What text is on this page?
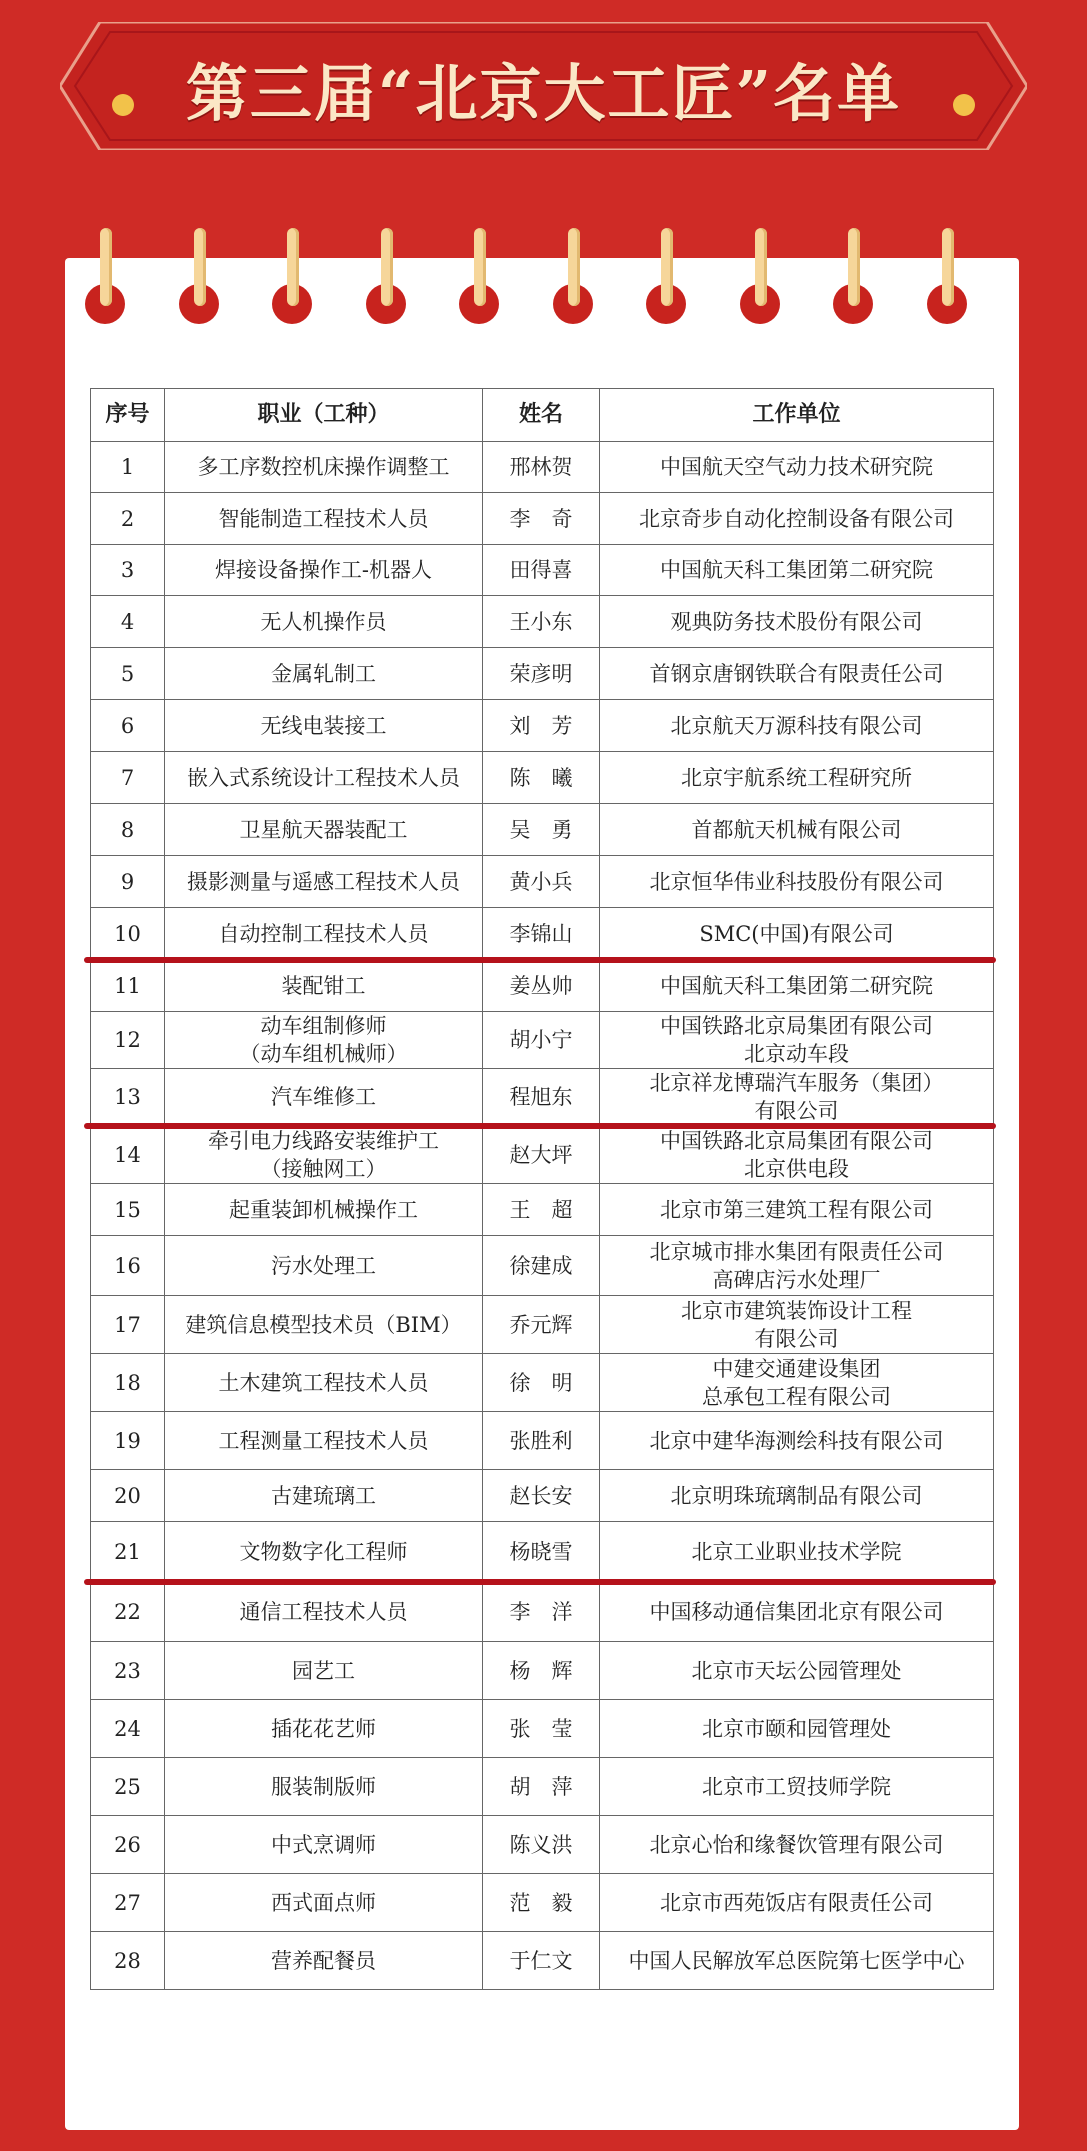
第三届“北京大工匠”名单
序号	职业（工种）	姓名	工作单位
1	多工序数控机床操作调整工	邢林贺	中国航天空气动力技术研究院

2	智能制造工程技术人员	李　奇	北京奇步自动化控制设备有限公司

3	焊接设备操作工-机器人	田得喜	中国航天科工集团第二研究院

4	无人机操作员	王小东	观典防务技术股份有限公司

5	金属轧制工	荣彦明	首钢京唐钢铁联合有限责任公司

6	无线电装接工	刘　芳	北京航天万源科技有限公司

7	嵌入式系统设计工程技术人员	陈　曦	北京宇航系统工程研究所

8	卫星航天器装配工	吴　勇	首都航天机械有限公司

9	摄影测量与遥感工程技术人员	黄小兵	北京恒华伟业科技股份有限公司

10	自动控制工程技术人员	李锦山	SMC(中国)有限公司

11	装配钳工	姜丛帅	中国航天科工集团第二研究院

12	动车组制修师
（动车组机械师）	胡小宁	中国铁路北京局集团有限公司
北京动车段

13	汽车维修工	程旭东	北京祥龙博瑞汽车服务（集团）
有限公司

14	牵引电力线路安装维护工
（接触网工）	赵大坪	中国铁路北京局集团有限公司
北京供电段

15	起重装卸机械操作工	王　超	北京市第三建筑工程有限公司

16	污水处理工	徐建成	北京城市排水集团有限责任公司
高碑店污水处理厂

17	建筑信息模型技术员（BIM）	乔元辉	北京市建筑装饰设计工程
有限公司

18	土木建筑工程技术人员	徐　明	中建交通建设集团
总承包工程有限公司

19	工程测量工程技术人员	张胜利	北京中建华海测绘科技有限公司

20	古建琉璃工	赵长安	北京明珠琉璃制品有限公司

21	文物数字化工程师	杨晓雪	北京工业职业技术学院

22	通信工程技术人员	李　洋	中国移动通信集团北京有限公司

23	园艺工	杨　辉	北京市天坛公园管理处

24	插花花艺师	张　莹	北京市颐和园管理处

25	服装制版师	胡　萍	北京市工贸技师学院

26	中式烹调师	陈义洪	北京心怡和缘餐饮管理有限公司

27	西式面点师	范　毅	北京市西苑饭店有限责任公司

28	营养配餐员	于仁文	中国人民解放军总医院第七医学中心
